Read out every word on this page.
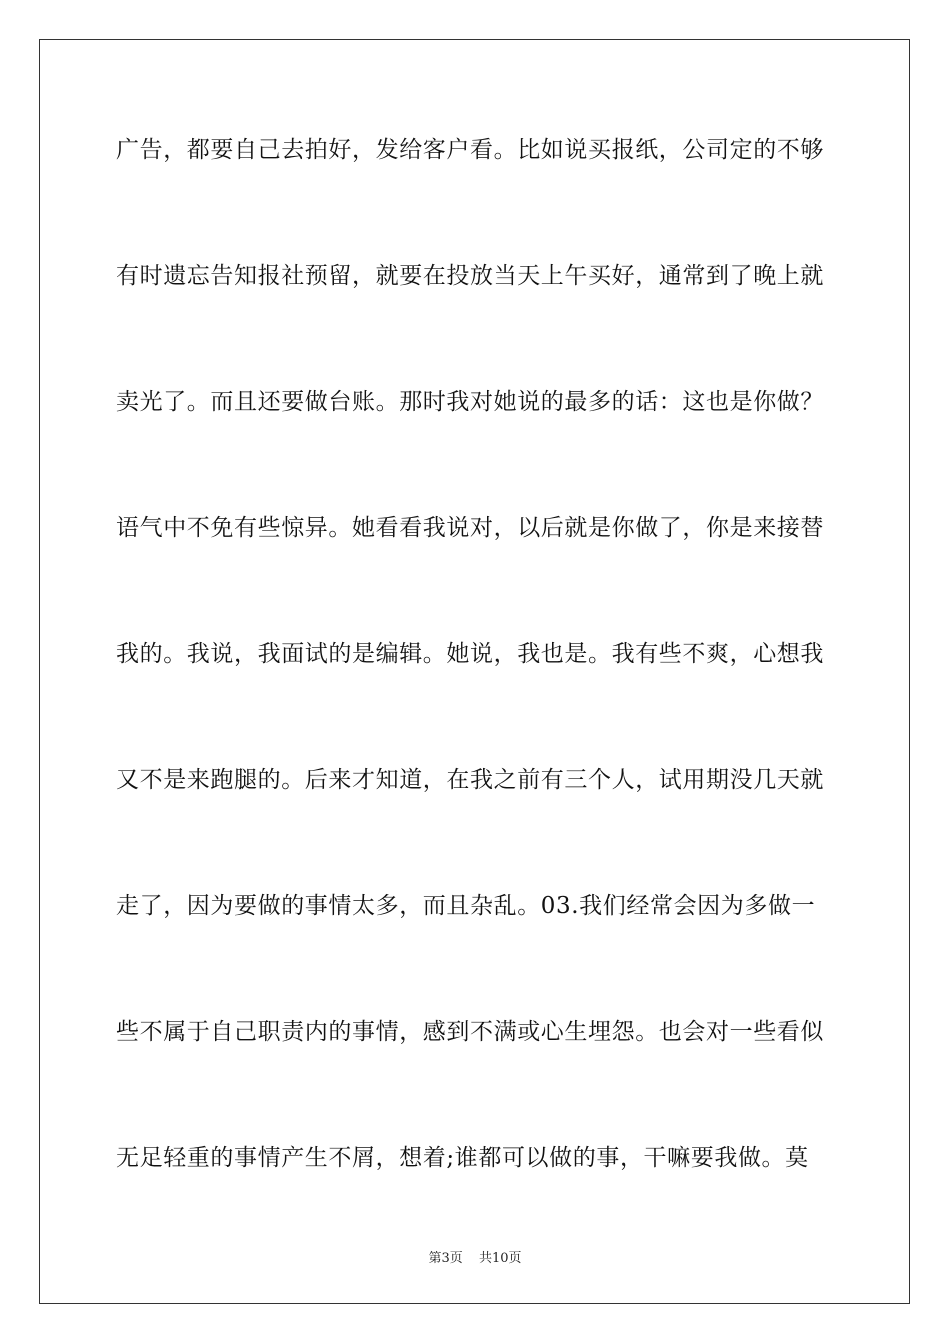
广告，都要自己去拍好，发给客户看。比如说买报纸，公司定的不够
有时遗忘告知报社预留，就要在投放当天上午买好，通常到了晚上就
卖光了。而且还要做台账。那时我对她说的最多的话：这也是你做？
语气中不免有些惊异。她看看我说对，以后就是你做了，你是来接替
我的。我说，我面试的是编辑。她说，我也是。我有些不爽，心想我
又不是来跑腿的。后来才知道，在我之前有三个人，试用期没几天就
走了，因为要做的事情太多，而且杂乱。03.我们经常会因为多做一
些不属于自己职责内的事情，感到不满或心生埋怨。也会对一些看似
无足轻重的事情产生不屑，想着;谁都可以做的事，干嘛要我做。莫
第3页 共10页
